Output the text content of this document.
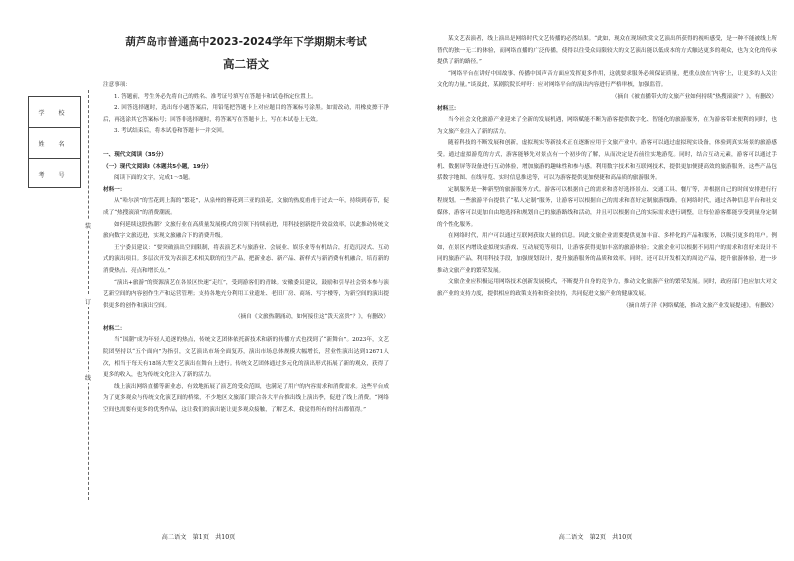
葫芦岛市普通高中2023-2024学年下学期期末考试
高二语文
学 校
姓 名
考 号
装
订
线

注意事项：

1. 答题前，考生务必先将自己的姓名、准考证号填写在答题卡和试卷指定位置上。

2. 回答选择题时，选出每小题答案后，用铅笔把答题卡上对应题目的答案标号涂黑。如需改动，用橡皮擦干净后，再选涂其它答案标号；回答非选择题时，将答案写在答题卡上，写在本试卷上无效。

3. 考试结束后，将本试卷和答题卡一并交回。

一、现代文阅读（35分）

（一）现代文阅读Ⅰ（本题共5小题，19分）

阅读下面的文字，完成1～5题。

材料一：

从“哈尔滨”的雪花到上海的“繁花”，从泉州的簪花到三亚的浪花，文旅的热度甫甫于过去一年，持续到春节，促成了“热搜滚滚”的消费潮流。

如何延续这股热潮？文旅行业在高质量发展模式的引领下持续前进，用科技创新提升效益效率，以此推动传统文旅向数字文旅迈进，实现文旅融合下的消费升级。

王宁委员建议：“要突破演出空间限制，将表演艺术与旅游业、会展业、娱乐业等有机结合，打造沉浸式、互动式的演出项目。多层次开发为表演艺术相关联的衍生产品，把新业态、新产品、新样式与新消费有机融合，培育新的消费热点、亮点和增长点。”

“演出+旅游”的资源演艺在各景区快速“走红”，受到游客们的青睐。安徽委员建议，鼓励和引导社会资本参与演艺新空间的内容创作生产和运营管理；支持各地充分利用工业遗址、老旧厂房、商场、写字楼等，为新空间的演出提供更多的创作和演出空间。

（摘自《文旅热潮涌动，如何接住这“泼天富贵”？》，有删改）

材料二：

当“国潮”成为年轻人追逐的热点，传统文艺团体依托新技术和新的传播方式也找到了“新舞台”。2023年，文艺院团坚持以“五个面向”为指引，文艺演出市场全面复苏，演出市场总体规模大幅增长，营业性演出达到12671人次，相当于每天有18场大型文艺演出在舞台上进行。传统文艺团体通过多元化的演出形式拓展了新的观众，获得了更多的收入，也为传统文化注入了新的活力。

线上演出网络直播等新业态，有效地拓展了演艺的受众范围，也满足了用户的内容需求和消费需求。这些平台成为了更多观众与传统文化演艺间的桥梁，不少地区文旅部门联合各大平台推出线上演出季，促进了线上消费。“网络空间也需要有更多的优秀作品，这让我们的演出能让更多观众接触，了解艺术，我觉得所有的付出都值得。”

高二语文　第1页　共10页

某文艺表演者，线上演出是网络时代文艺传播的必然结果。“此如，现众在现场欣赏文艺演出所获得的视听感受，是一种不能被线上所替代的独一无二的体验，而网络直播的广泛传播，使得以往受众局限较大的文艺演出能以低成本的方式触达更多的观众，也为文化的传承提供了新的路径。”

“网络平台在讲好中国故事、传播中国声音方面应发挥更多作用，这就要求服务必须保证质量，把重点放在‘内容’上，让更多的人关注文化的力量。”谈及此，某剧院院长呼吁：应对网络平台的演出内容进行严格审核，加强监管。

（摘自《被直播带火的文旅产业如何持续“热搜滚滚”？》，有删改）

材料三：

当今社会文化旅游产业迎来了全新的发展机遇，网络赋能不断为游客提供数字化、智能化的旅游服务，在为游客带来便利的同时，也为文旅产业注入了新的活力。

随着科技的不断发展和创新，虚拟现实等新技术正在逐渐应用于文旅产业中。游客可以通过虚拟现实设备，体验到真实场景的旅游感受。通过虚拟游览的方式，游客能够先对景点有一个初步的了解，从而决定是否前往实地游览。同时，结合互动元素，游客可以通过手机、数据屏等设备进行互动体验，增加旅游的趣味性和参与感。利用数字技术和互联网技术，提供更加便捷高效的旅游服务，这些产品包括数字地图、在线导览、实时信息推送等，可以为游客提供更加便捷和高品质的旅游服务。

定制服务是一种新型的旅游服务方式。游客可以根据自己的需求和喜好选择景点、交通工具、餐厅等，并根据自己的时间安排进行行程规划。一些旅游平台提供了“私人定制”服务，让游客可以根据自己的需求和喜好定制旅游线路，在网络时代，通过各种信息平台和社交媒体，游客可以更加自由地选择和规划自己的旅游路线和活动，并且可以根据自己的实际需求进行调整，让每位游客都能享受到量身定制的个性化服务。

在网络时代，用户可以通过互联网获取大量的信息。因此文旅企业需要提供更加丰富、多样化的产品和服务，以吸引更多的用户。例如，在景区内增设虚拟现实游戏、互动展览等项目，让游客获得更加丰富的旅游体验；文旅企业可以根据不同用户的需求和喜好来设计不同的旅游产品，利用科技手段，加强规划设计，提升旅游服务的品质和效率。同时，还可以开发相关的周边产品，提升旅游体验，进一步推动文旅产业的繁荣发展。

文旅企业应积极运用网络技术创新发展模式，不断提升自身的竞争力，推动文化旅游产业的繁荣发展。同时，政府部门也应加大对文旅产业的支持力度，提供相应的政策支持和资金扶持，共同促进文旅产业的健康发展。

（摘自胡子洋《网络赋能，推动文旅产业发展提速》，有删改）

高二语文　第2页　共10页
